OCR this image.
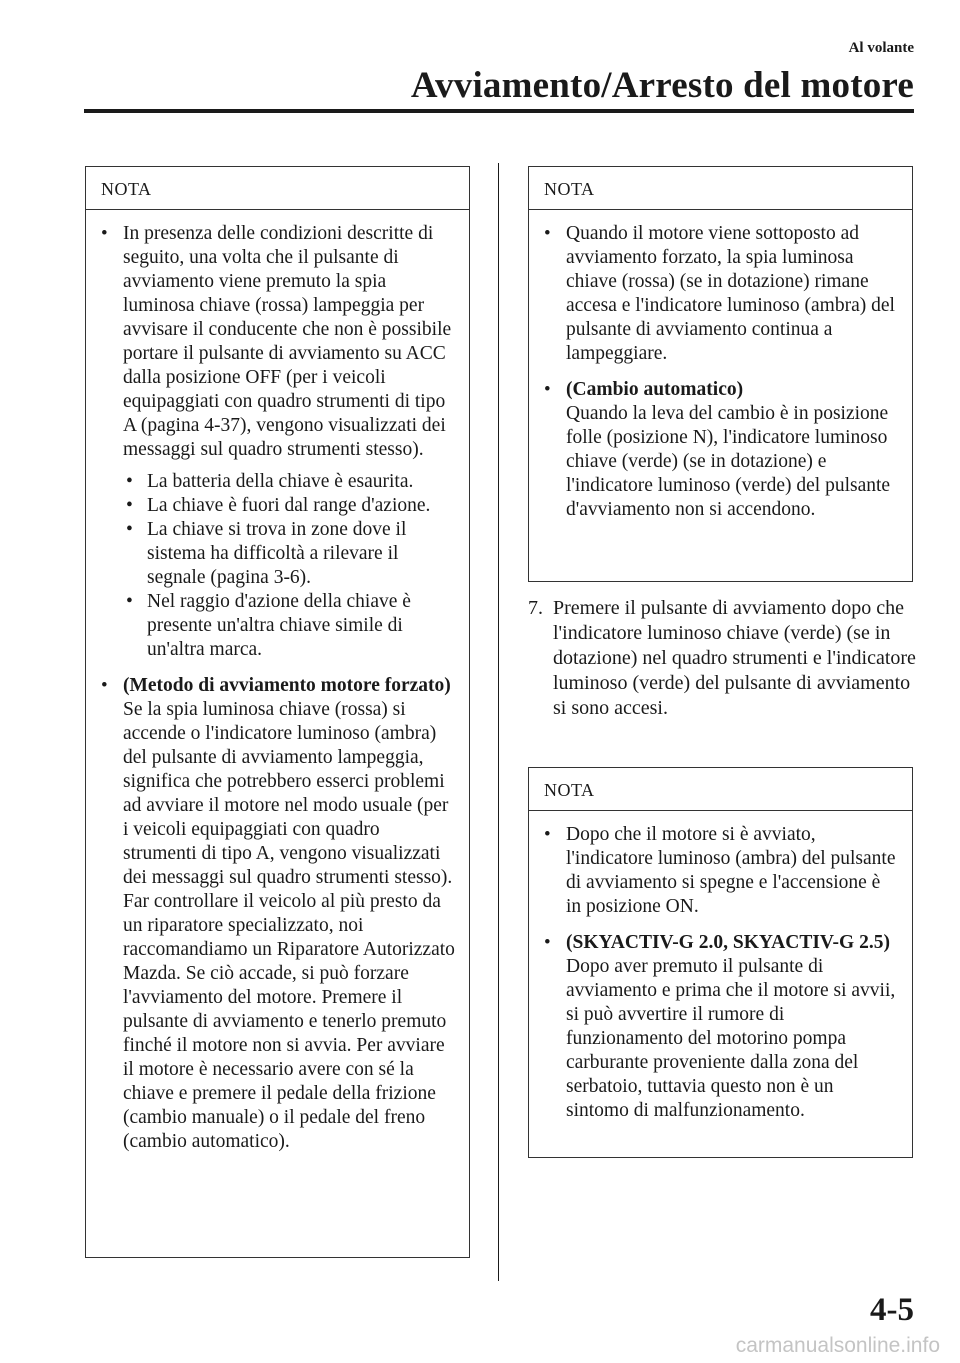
Al volante
Avviamento/Arresto del motore
NOTA
• In presenza delle condizioni descritte di seguito, una volta che il pulsante di avviamento viene premuto la spia luminosa chiave (rossa) lampeggia per avvisare il conducente che non è possibile portare il pulsante di avviamento su ACC dalla posizione OFF (per i veicoli equipaggiati con quadro strumenti di tipo A (pagina 4-37), vengono visualizzati dei messaggi sul quadro strumenti stesso).
• La batteria della chiave è esaurita.
• La chiave è fuori dal range d'azione.
• La chiave si trova in zone dove il sistema ha difficoltà a rilevare il segnale (pagina 3-6).
• Nel raggio d'azione della chiave è presente un'altra chiave simile di un'altra marca.
• (Metodo di avviamento motore forzato)
Se la spia luminosa chiave (rossa) si accende o l'indicatore luminoso (ambra) del pulsante di avviamento lampeggia, significa che potrebbero esserci problemi ad avviare il motore nel modo usuale (per i veicoli equipaggiati con quadro strumenti di tipo A, vengono visualizzati dei messaggi sul quadro strumenti stesso). Far controllare il veicolo al più presto da un riparatore specializzato, noi raccomandiamo un Riparatore Autorizzato Mazda. Se ciò accade, si può forzare l'avviamento del motore. Premere il pulsante di avviamento e tenerlo premuto finché il motore non si avvia. Per avviare il motore è necessario avere con sé la chiave e premere il pedale della frizione (cambio manuale) o il pedale del freno (cambio automatico).
NOTA
• Quando il motore viene sottoposto ad avviamento forzato, la spia luminosa chiave (rossa) (se in dotazione) rimane accesa e l'indicatore luminoso (ambra) del pulsante di avviamento continua a lampeggiare.
• (Cambio automatico)
Quando la leva del cambio è in posizione folle (posizione N), l'indicatore luminoso chiave (verde) (se in dotazione) e l'indicatore luminoso (verde) del pulsante d'avviamento non si accendono.
7. Premere il pulsante di avviamento dopo che l'indicatore luminoso chiave (verde) (se in dotazione) nel quadro strumenti e l'indicatore luminoso (verde) del pulsante di avviamento si sono accesi.
NOTA
• Dopo che il motore si è avviato, l'indicatore luminoso (ambra) del pulsante di avviamento si spegne e l'accensione è in posizione ON.
• (SKYACTIV-G 2.0, SKYACTIV-G 2.5)
Dopo aver premuto il pulsante di avviamento e prima che il motore si avvii, si può avvertire il rumore di funzionamento del motorino pompa carburante proveniente dalla zona del serbatoio, tuttavia questo non è un sintomo di malfunzionamento.
4-5
carmanualsonline.info
